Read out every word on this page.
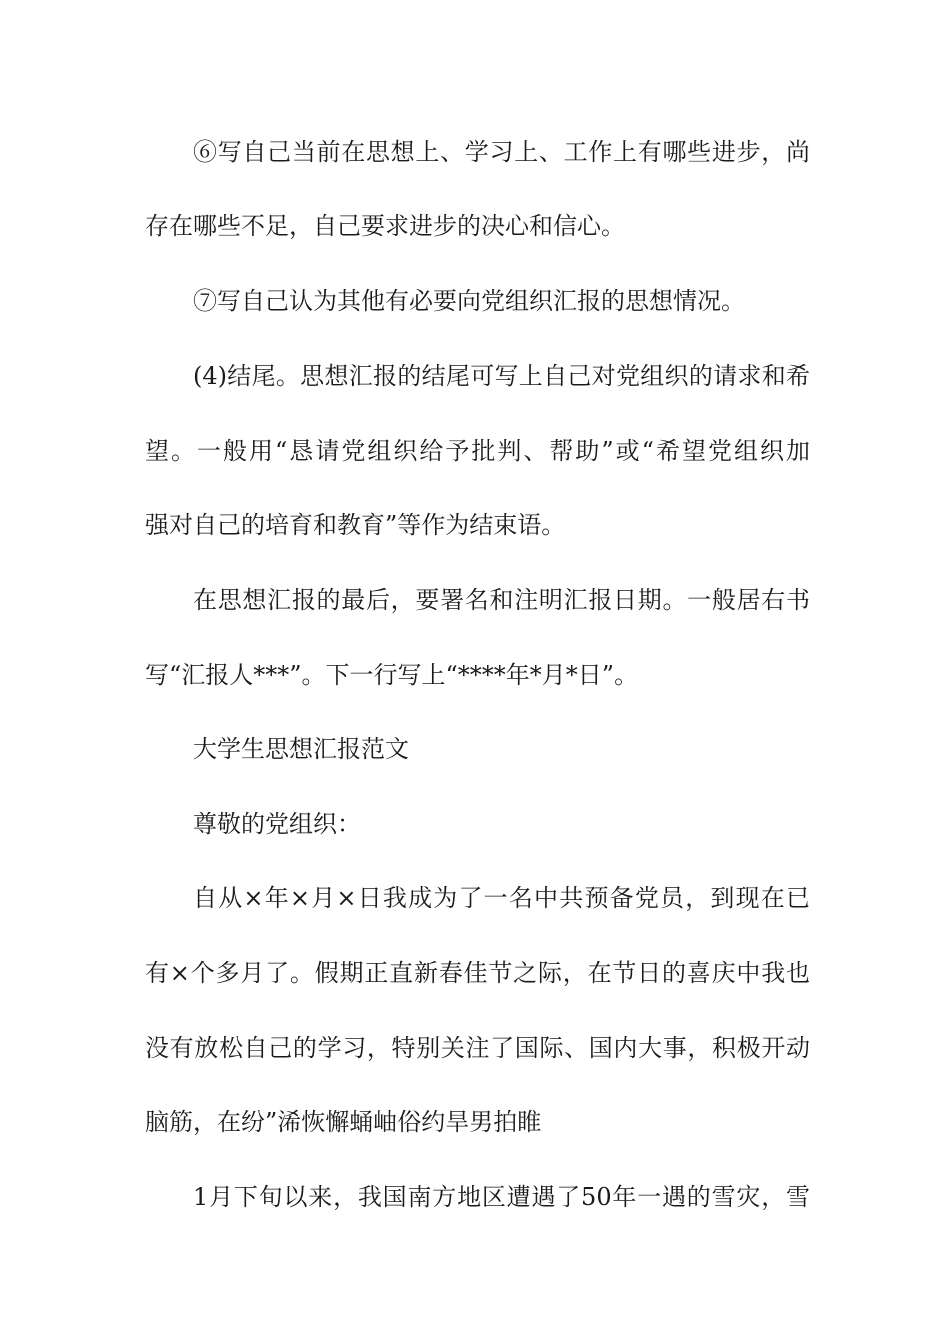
⑥写自己当前在思想上、学习上、工作上有哪些进步，尚
存在哪些不足，自己要求进步的决心和信心。
⑦写自己认为其他有必要向党组织汇报的思想情况。
(4)结尾。思想汇报的结尾可写上自己对党组织的请求和希
望。一般用“恳请党组织给予批判、帮助”或“希望党组织加
强对自己的培育和教育”等作为结束语。
在思想汇报的最后，要署名和注明汇报日期。一般居右书
写“汇报人***”。下一行写上“****年*月*日”。
大学生思想汇报范文
尊敬的党组织：
自从×年×月×日我成为了一名中共预备党员，到现在已
有×个多月了。假期正直新春佳节之际，在节日的喜庆中我也
没有放松自己的学习，特别关注了国际、国内大事，积极开动
脑筋，在纷”浠恢懈蛹岫俗约旱男拍睢
1月下旬以来，我国南方地区遭遇了50年一遇的雪灾，雪
